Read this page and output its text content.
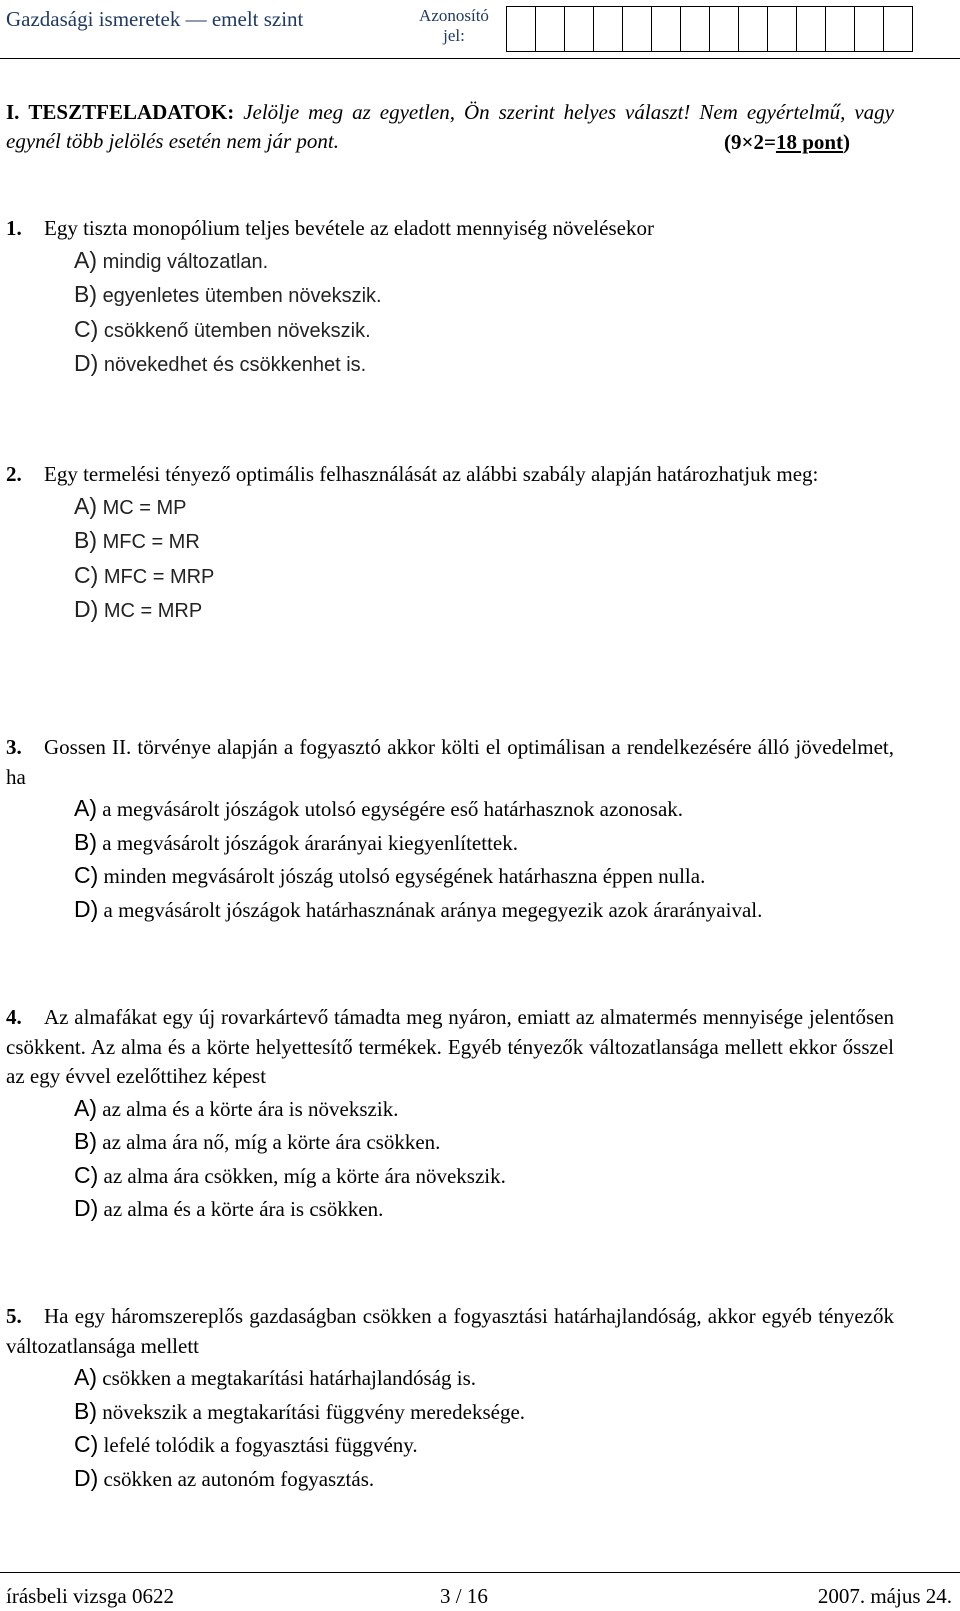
Gazdasági ismeretek — emelt szint	Azonosító
jel:
I. TESZTFELADATOK: Jelölje meg az egyetlen, Ön szerint helyes választ! Nem egyértelmű, vagy egynél több jelölés esetén nem jár pont.	(9×2=18 pont)
1. Egy tiszta monopólium teljes bevétele az eladott mennyiség növelésekor
A) mindig változatlan.
B) egyenletes ütemben növekszik.
C) csökkenő ütemben növekszik.
D) növekedhet és csökkenhet is.
2. Egy termelési tényező optimális felhasználását az alábbi szabály alapján határozhatjuk meg:
A) MC = MP
B) MFC = MR
C) MFC = MRP
D) MC = MRP
3. Gossen II. törvénye alapján a fogyasztó akkor költi el optimálisan a rendelkezésére álló jövedelmet, ha
A) a megvásárolt jószágok utolsó egységére eső határhasznok azonosak.
B) a megvásárolt jószágok árarányai kiegyenlítettek.
C) minden megvásárolt jószág utolsó egységének határhaszna éppen nulla.
D) a megvásárolt jószágok határhasznának aránya megegyezik azok árarányaival.
4. Az almafákat egy új rovarkártevő támadta meg nyáron, emiatt az almatermés mennyisége jelentősen csökkent. Az alma és a körte helyettesítő termékek. Egyéb tényezők változatlansága mellett ekkor ősszel az egy évvel ezelőttihez képest
A) az alma és a körte ára is növekszik.
B) az alma ára nő, míg a körte ára csökken.
C) az alma ára csökken, míg a körte ára növekszik.
D) az alma és a körte ára is csökken.
5. Ha egy háromszereplős gazdaságban csökken a fogyasztási határhajlandóság, akkor egyéb tényezők változatlansága mellett
A) csökken a megtakarítási határhajlandóság is.
B) növekszik a megtakarítási függvény meredeksége.
C) lefelé tolódik a fogyasztási függvény.
D) csökken az autonóm fogyasztás.
írásbeli vizsga 0622	3 / 16	2007. május 24.
